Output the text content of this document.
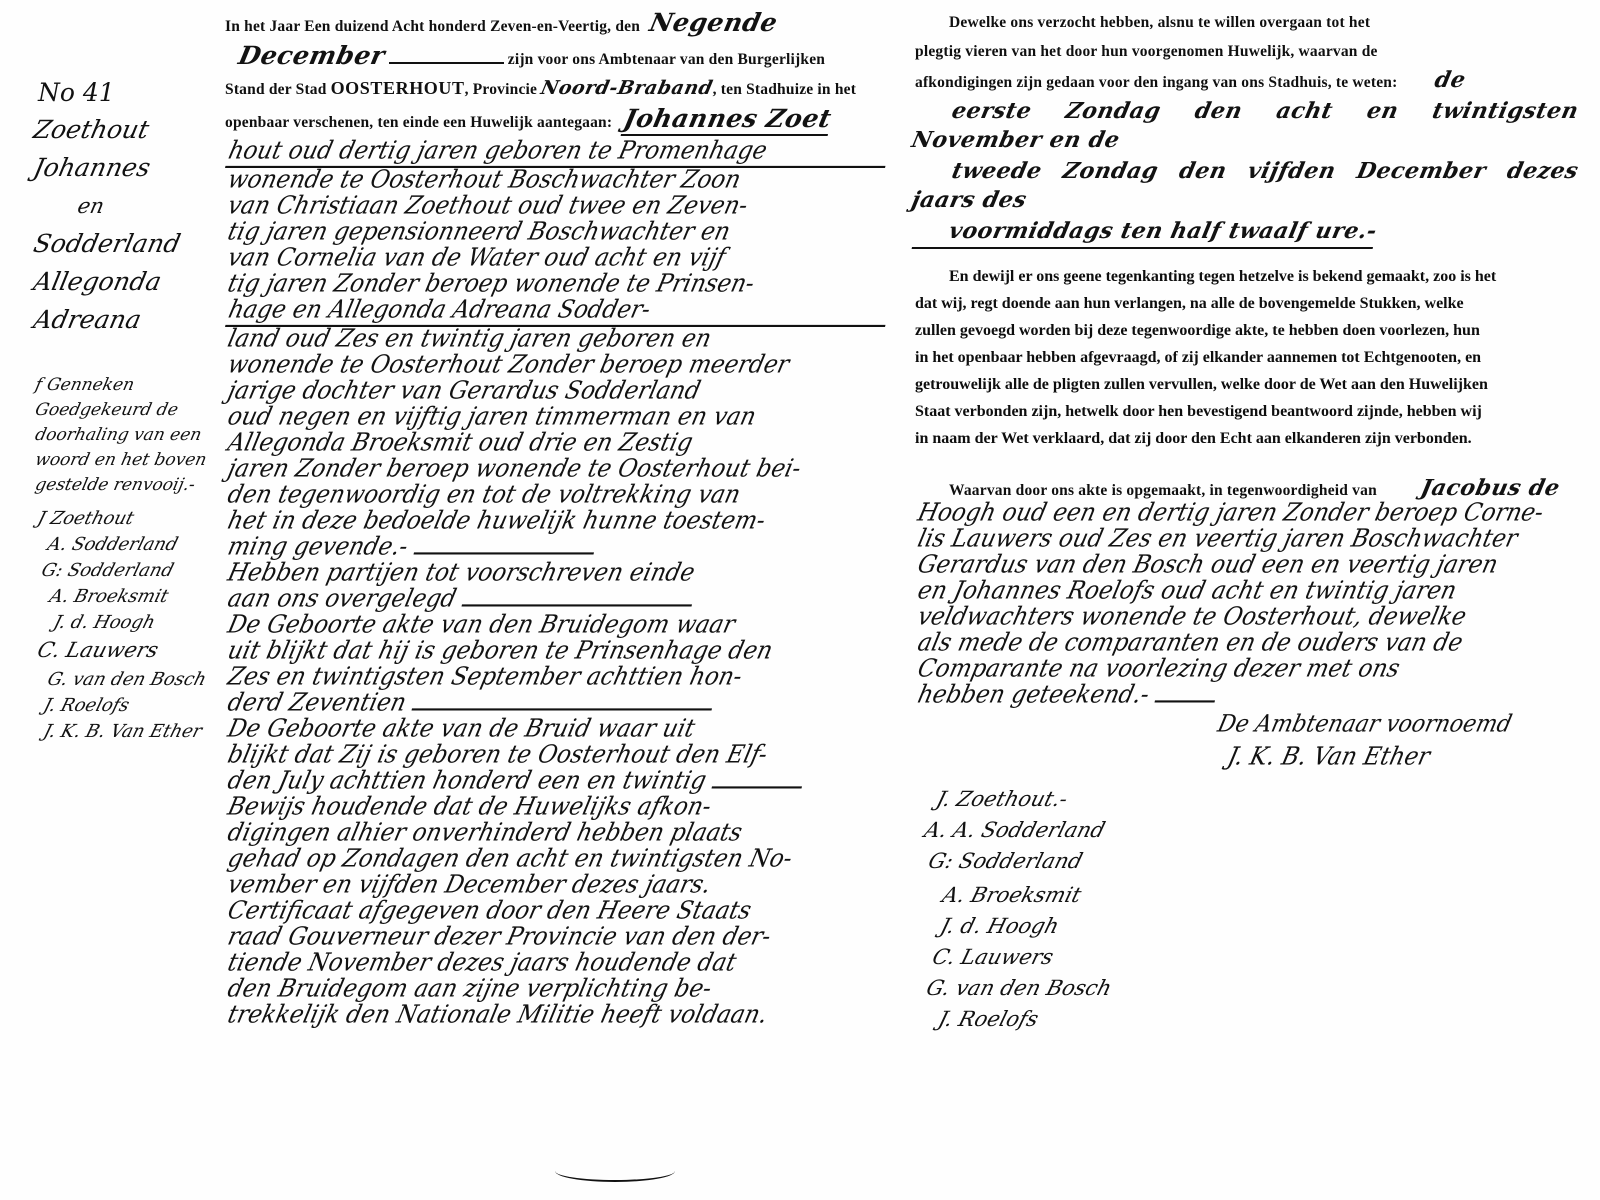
No 41
Zoethout
Johannes
en
Sodderland
Allegonda
Adreana
f Genneken
Goedgekeurd de
doorhaling van een
woord en het boven
gestelde renvooij.-
J Zoethout
A. Sodderland
G: Sodderland
A. Broeksmit
J. d. Hoogh
C. Lauwers
G. van den Bosch
J. Roelofs
J. K. B. Van Ether
In het Jaar Een duizend Acht honderd Zeven-en-Veertig, den Negende
December	zijn voor ons Ambtenaar van den Burgerlijken
Stand der Stad OOSTERHOUT, Provincie Noord-Braband, ten Stadhuize in het
openbaar verschenen, ten einde een Huwelijk aantegaan: Johannes Zoet
hout oud dertig jaren geboren te Promenhage
wonende te Oosterhout Boschwachter Zoon
van Christiaan Zoethout oud twee en Zeven-
tig jaren gepensionneerd Boschwachter en
van Cornelia van de Water oud acht en vijf
tig jaren Zonder beroep wonende te Prinsen-
hage en Allegonda Adreana Sodder-
land oud Zes en twintig jaren geboren en
wonende te Oosterhout Zonder beroep meerder
jarige dochter van Gerardus Sodderland
oud negen en vijftig jaren timmerman en van
Allegonda Broeksmit oud drie en Zestig
jaren Zonder beroep wonende te Oosterhout bei-
den tegenwoordig en tot de voltrekking van
het in deze bedoelde huwelijk hunne toestem-
ming gevende.-
Hebben partijen tot voorschreven einde
aan ons overgelegd
De Geboorte akte van den Bruidegom waar
uit blijkt dat hij is geboren te Prinsenhage den
Zes en twintigsten September achttien hon-
derd Zeventien
De Geboorte akte van de Bruid waar uit
blijkt dat Zij is geboren te Oosterhout den Elf-
den July achttien honderd een en twintig
Bewijs houdende dat de Huwelijks afkon-
digingen alhier onverhinderd hebben plaats
gehad op Zondagen den acht en twintigsten No-
vember en vijfden December dezes jaars.
Certificaat afgegeven door den Heere Staats
raad Gouverneur dezer Provincie van den der-
tiende November dezes jaars houdende dat
den Bruidegom aan zijne verplichting be-
trekkelijk den Nationale Militie heeft voldaan.
Dewelke ons verzocht hebben, alsnu te willen overgaan tot het
plegtig vieren van het door hun voorgenomen Huwelijk, waarvan de
afkondigingen zijn gedaan voor den ingang van ons Stadhuis, te weten: de
eerste Zondag den acht en twintigsten November en de
tweede Zondag den vijfden December dezes jaars des
voormiddags ten half twaalf ure.-
En dewijl er ons geene tegenkanting tegen hetzelve is bekend gemaakt, zoo is het
dat wij, regt doende aan hun verlangen, na alle de bovengemelde Stukken, welke
zullen gevoegd worden bij deze tegenwoordige akte, te hebben doen voorlezen, hun
in het openbaar hebben afgevraagd, of zij elkander aannemen tot Echtgenooten, en
getrouwelijk alle de pligten zullen vervullen, welke door de Wet aan den Huwelijken
Staat verbonden zijn, hetwelk door hen bevestigend beantwoord zijnde, hebben wij
in naam der Wet verklaard, dat zij door den Echt aan elkanderen zijn verbonden.
Waarvan door ons akte is opgemaakt, in tegenwoordigheid van Jacobus de
Hoogh oud een en dertig jaren Zonder beroep Corne-
lis Lauwers oud Zes en veertig jaren Boschwachter
Gerardus van den Bosch oud een en veertig jaren
en Johannes Roelofs oud acht en twintig jaren
veldwachters wonende te Oosterhout, dewelke
als mede de comparanten en de ouders van de
Comparante na voorlezing dezer met ons
hebben geteekend.-
De Ambtenaar voornoemd
J. K. B. Van Ether
J. Zoethout.-
A. A. Sodderland
G: Sodderland
A. Broeksmit
J. d. Hoogh
C. Lauwers
G. van den Bosch
J. Roelofs
